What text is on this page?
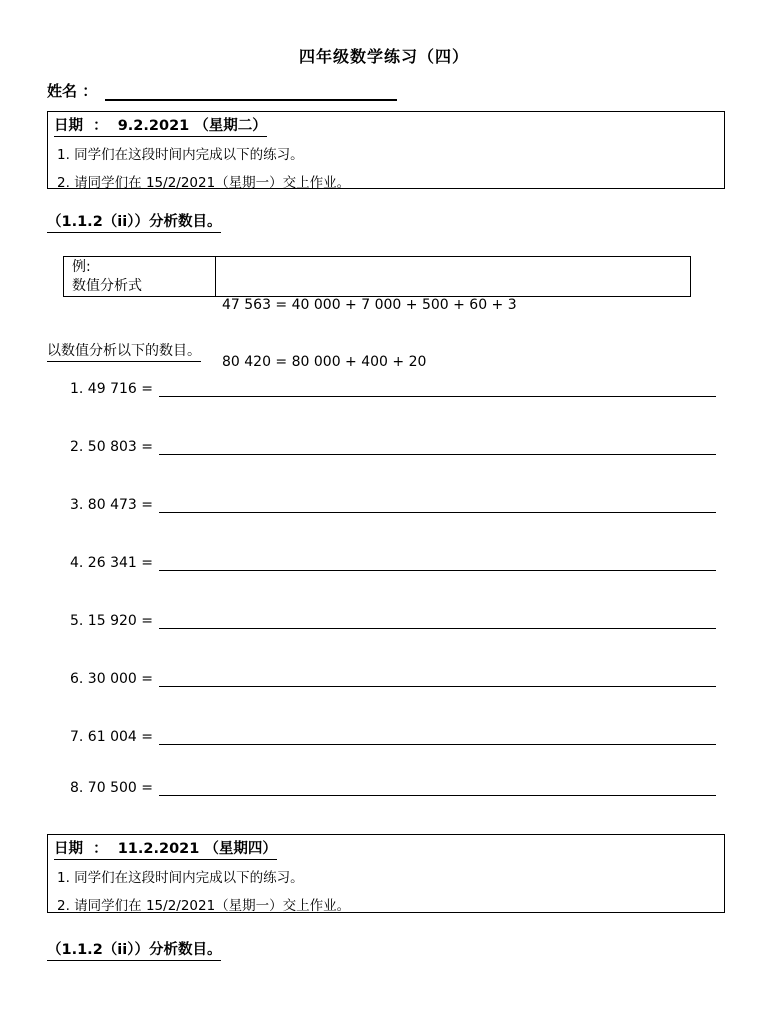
四年级数学练习（四）
姓名 ：
日期  ：  9.2.2021 （星期二）
1. 同学们在这段时间内完成以下的练习。
2. 请同学们在 15/2/2021（星期一）交上作业。
（1.1.2（ii））分析数目。
例:
数值分析式

47 563 = 40 000 + 7 000 + 500 + 60 + 3

80 420 = 80 000 + 400 + 20

以数值分析以下的数目。
1. 49 716 =
2. 50 803 =
3. 80 473 =
4. 26 341 =
5. 15 920 =
6. 30 000 =
7. 61 004 =
8. 70 500 =
日期  ：  11.2.2021 （星期四）
1. 同学们在这段时间内完成以下的练习。
2. 请同学们在 15/2/2021（星期一）交上作业。
（1.1.2（ii））分析数目。
